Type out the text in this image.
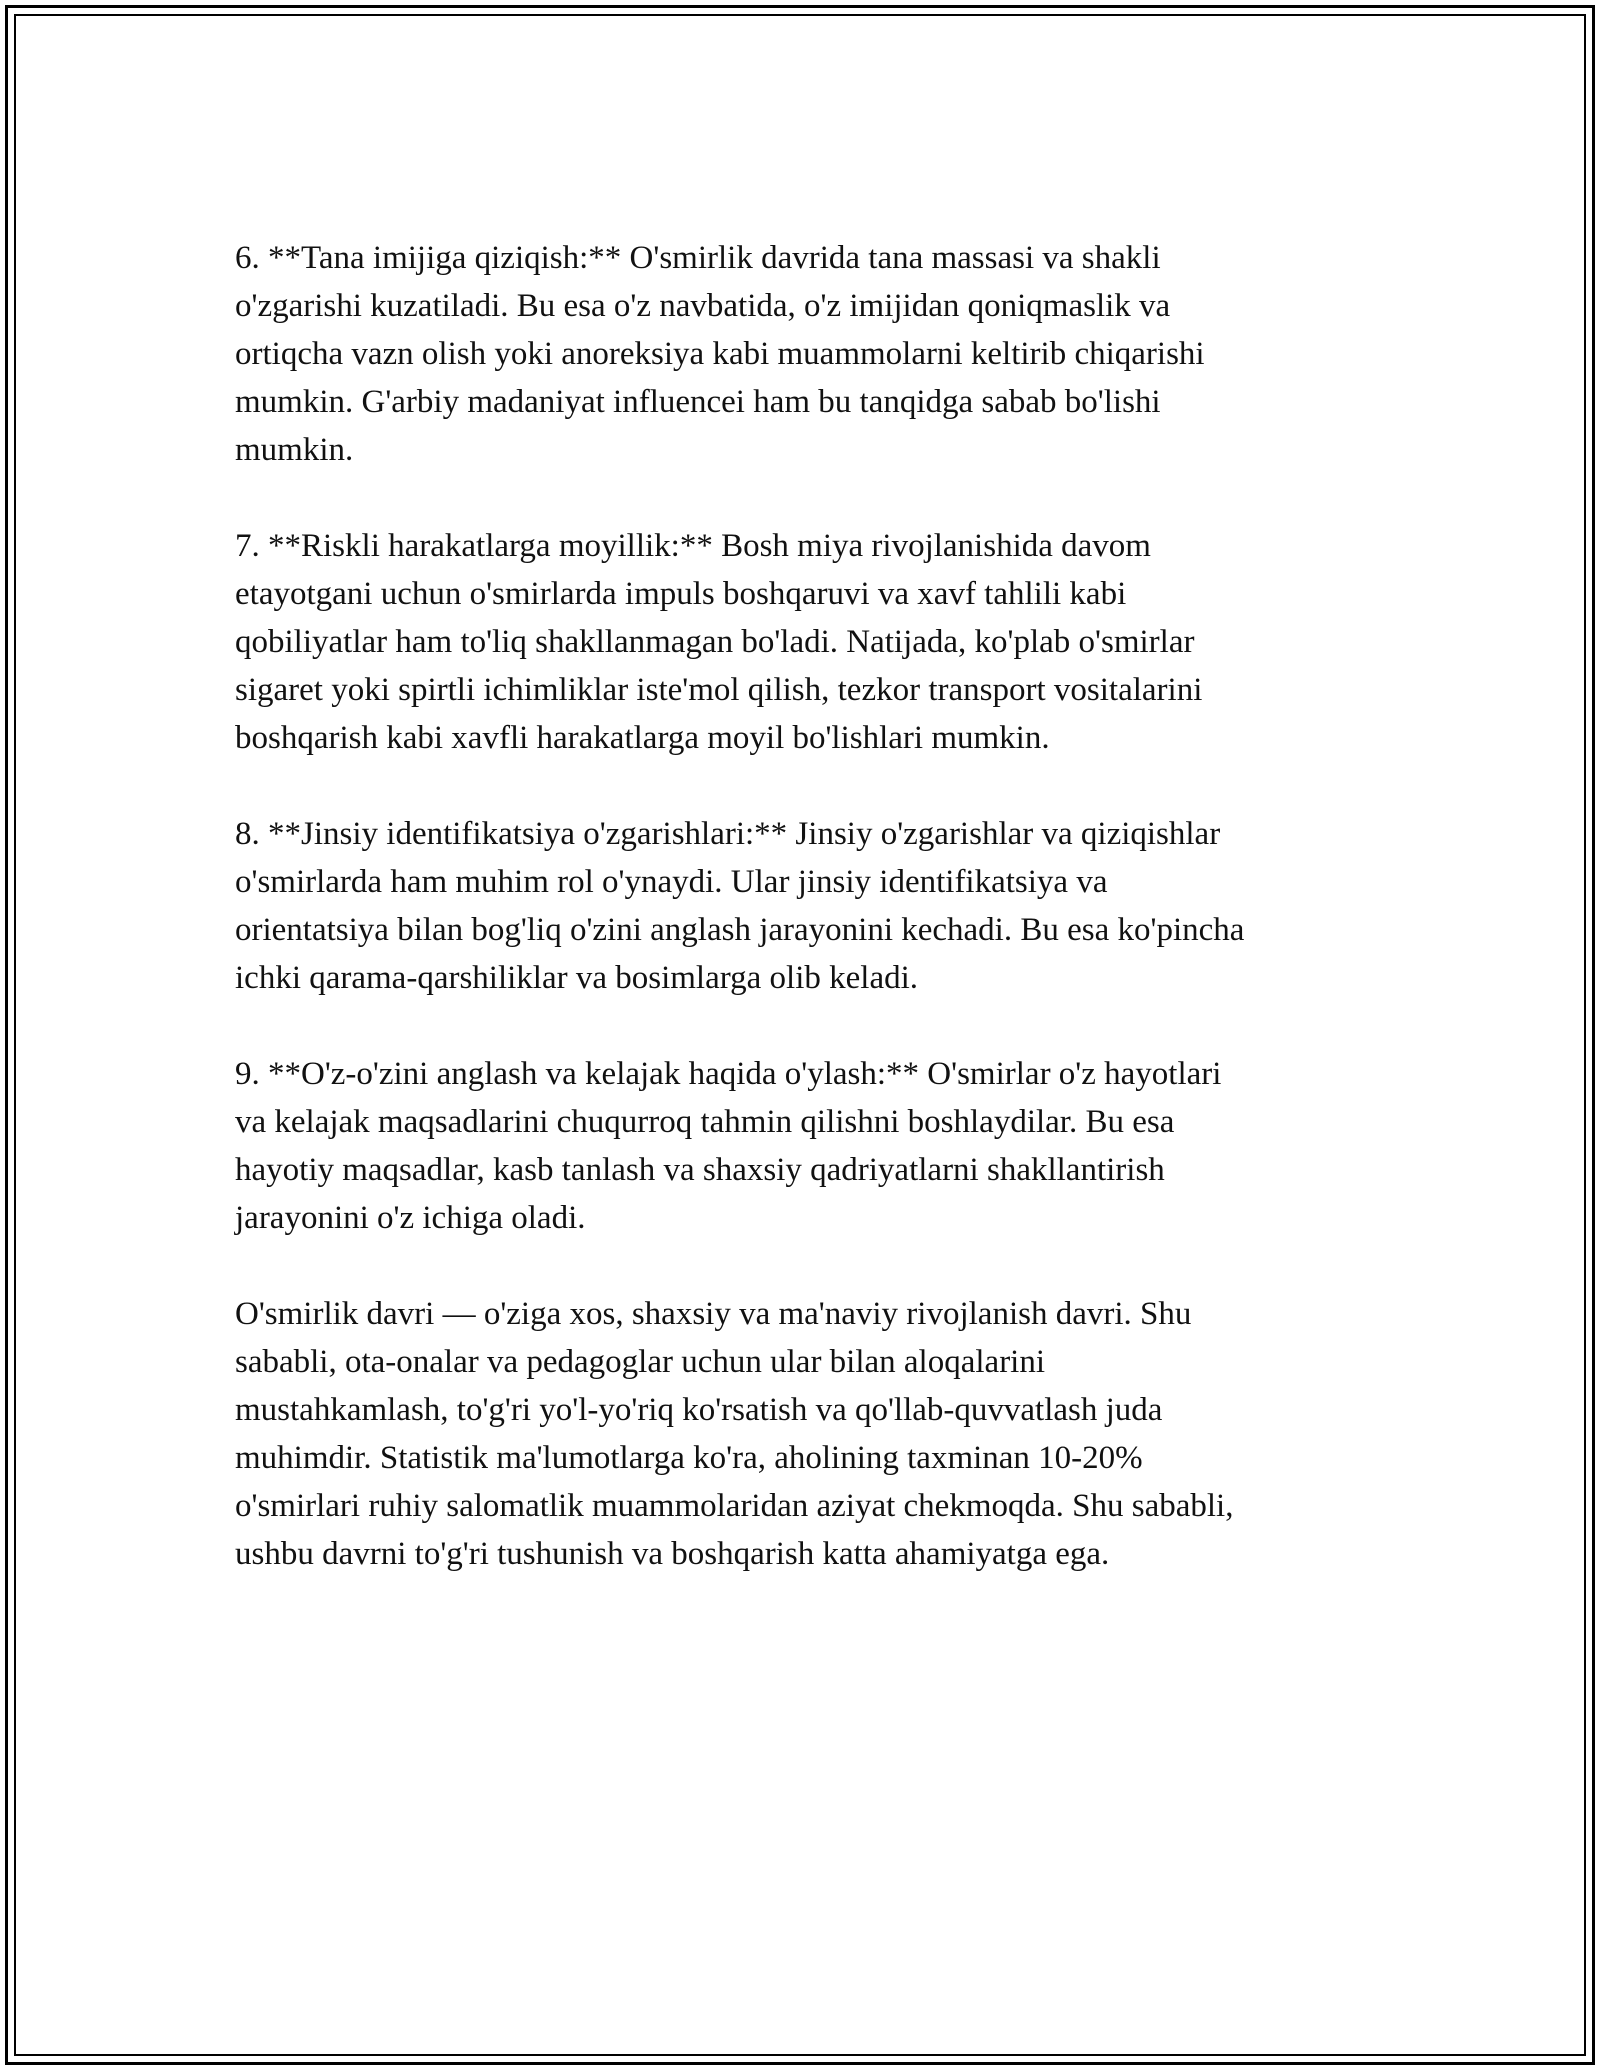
6. **Tana imijiga qiziqish:** O'smirlik davrida tana massasi va shakli
o'zgarishi kuzatiladi. Bu esa o'z navbatida, o'z imijidan qoniqmaslik va
ortiqcha vazn olish yoki anoreksiya kabi muammolarni keltirib chiqarishi
mumkin. G'arbiy madaniyat influencei ham bu tanqidga sabab bo'lishi
mumkin.

7. **Riskli harakatlarga moyillik:** Bosh miya rivojlanishida davom
etayotgani uchun o'smirlarda impuls boshqaruvi va xavf tahlili kabi
qobiliyatlar ham to'liq shakllanmagan bo'ladi. Natijada, ko'plab o'smirlar
sigaret yoki spirtli ichimliklar iste'mol qilish, tezkor transport vositalarini
boshqarish kabi xavfli harakatlarga moyil bo'lishlari mumkin.

8. **Jinsiy identifikatsiya o'zgarishlari:** Jinsiy o'zgarishlar va qiziqishlar
o'smirlarda ham muhim rol o'ynaydi. Ular jinsiy identifikatsiya va
orientatsiya bilan bog'liq o'zini anglash jarayonini kechadi. Bu esa ko'pincha
ichki qarama-qarshiliklar va bosimlarga olib keladi.

9. **O'z-o'zini anglash va kelajak haqida o'ylash:** O'smirlar o'z hayotlari
va kelajak maqsadlarini chuqurroq tahmin qilishni boshlaydilar. Bu esa
hayotiy maqsadlar, kasb tanlash va shaxsiy qadriyatlarni shakllantirish
jarayonini o'z ichiga oladi.

O'smirlik davri — o'ziga xos, shaxsiy va ma'naviy rivojlanish davri. Shu
sababli, ota-onalar va pedagoglar uchun ular bilan aloqalarini
mustahkamlash, to'g'ri yo'l-yo'riq ko'rsatish va qo'llab-quvvatlash juda
muhimdir. Statistik ma'lumotlarga ko'ra, aholining taxminan 10-20%
o'smirlari ruhiy salomatlik muammolaridan aziyat chekmoqda. Shu sababli,
ushbu davrni to'g'ri tushunish va boshqarish katta ahamiyatga ega.
